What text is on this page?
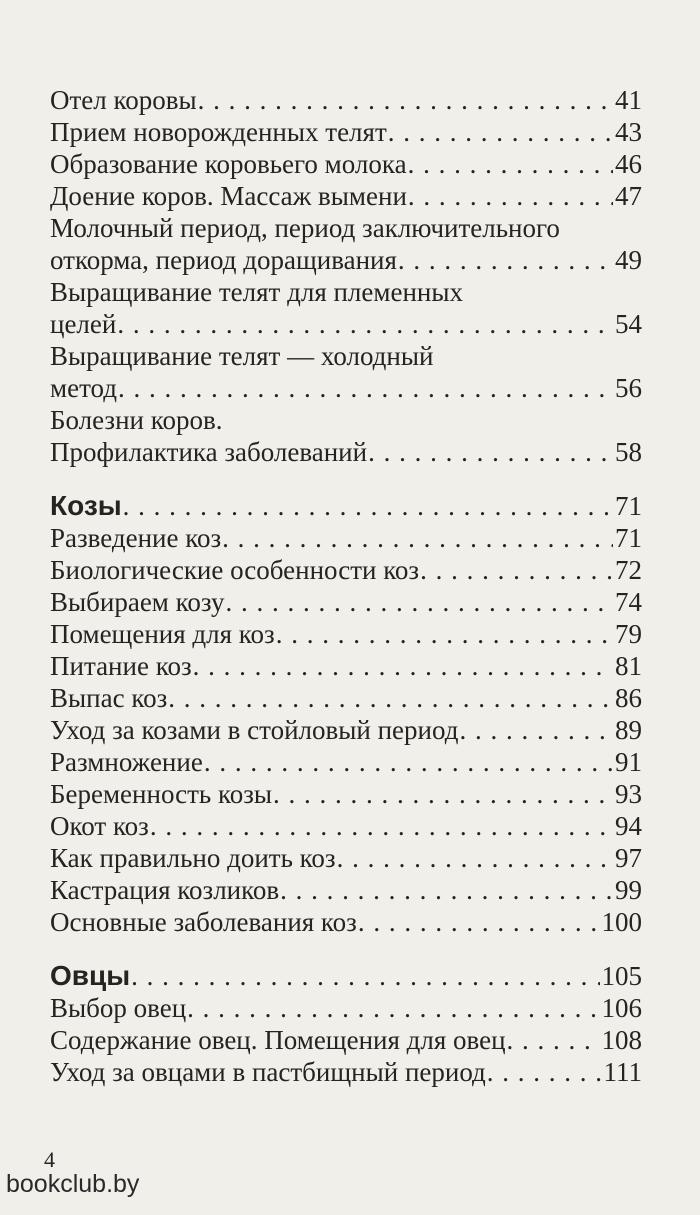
Отел коровы . . .	41
Прием новорожденных телят . . .	43
Образование коровьего молока . . .	46
Доение коров. Массаж вымени . . .	47
Молочный период, период заключительного
откорма, период доращивания . . .	49
Выращивание телят для племенных
целей . . .	54
Выращивание телят — холодный
метод . . .	56
Болезни коров.
Профилактика заболеваний . . .	58
Козы . . .	71
Разведение коз . . .	71
Биологические особенности коз . . .	72
Выбираем козу . . .	74
Помещения для коз . . .	79
Питание коз . . .	81
Выпас коз . . .	86
Уход за козами в стойловый период . . .	89
Размножение . . .	91
Беременность козы . . .	93
Окот коз . . .	94
Как правильно доить коз . . .	97
Кастрация козликов . . .	99
Основные заболевания коз . . .	100
Овцы . . .	105
Выбор овец . . .	106
Содержание овец. Помещения для овец . . .	108
Уход за овцами в пастбищный период . . .	111
4
bookclub.by
